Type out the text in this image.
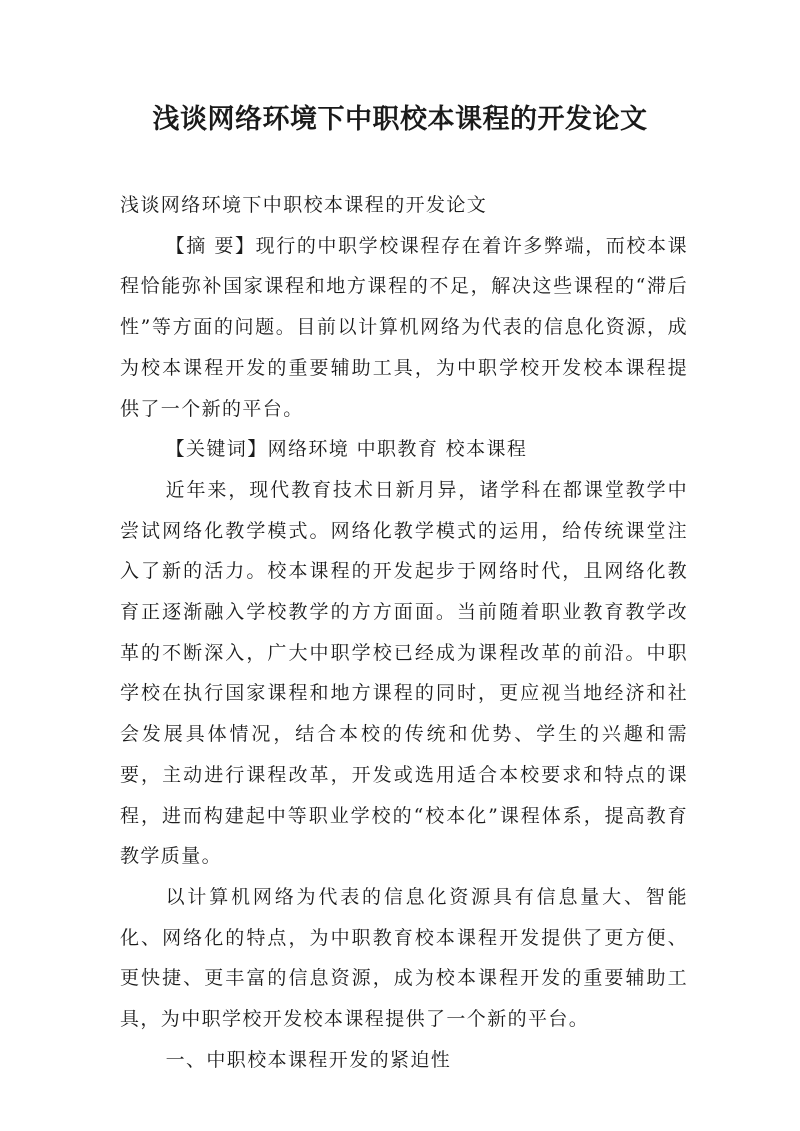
浅谈网络环境下中职校本课程的开发论文

浅谈网络环境下中职校本课程的开发论文

【摘 要】现行的中职学校课程存在着许多弊端，而校本课程恰能弥补国家课程和地方课程的不足，解决这些课程的“滞后性”等方面的问题。目前以计算机网络为代表的信息化资源，成为校本课程开发的重要辅助工具，为中职学校开发校本课程提供了一个新的平台。

【关键词】网络环境 中职教育 校本课程

近年来，现代教育技术日新月异，诸学科在都课堂教学中尝试网络化教学模式。网络化教学模式的运用，给传统课堂注入了新的活力。校本课程的开发起步于网络时代，且网络化教育正逐渐融入学校教学的方方面面。当前随着职业教育教学改革的不断深入，广大中职学校已经成为课程改革的前沿。中职学校在执行国家课程和地方课程的同时，更应视当地经济和社会发展具体情况，结合本校的传统和优势、学生的兴趣和需要，主动进行课程改革，开发或选用适合本校要求和特点的课程，进而构建起中等职业学校的“校本化”课程体系，提高教育教学质量。

以计算机网络为代表的信息化资源具有信息量大、智能化、网络化的特点，为中职教育校本课程开发提供了更方便、更快捷、更丰富的信息资源，成为校本课程开发的重要辅助工具，为中职学校开发校本课程提供了一个新的平台。

一、中职校本课程开发的紧迫性
